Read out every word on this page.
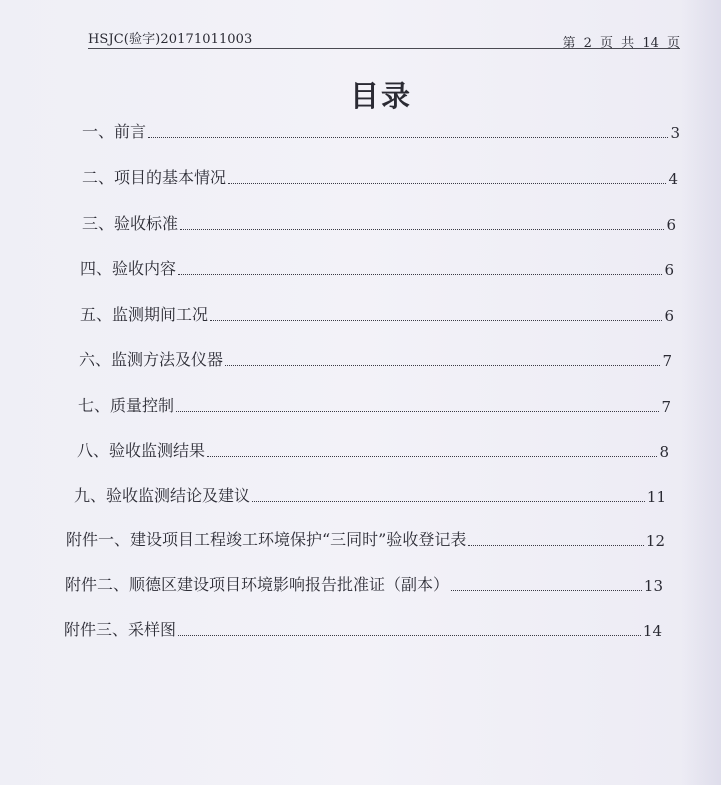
HSJC(验字)20171011003	第 2 页 共 14 页
目录
一、前言	3
二、项目的基本情况	4
三、验收标准	6
四、验收内容	6
五、监测期间工况	6
六、监测方法及仪器	7
七、质量控制	7
八、验收监测结果	8
九、验收监测结论及建议	11
附件一、建设项目工程竣工环境保护“三同时”验收登记表	12
附件二、顺德区建设项目环境影响报告批准证（副本）	13
附件三、采样图	14
